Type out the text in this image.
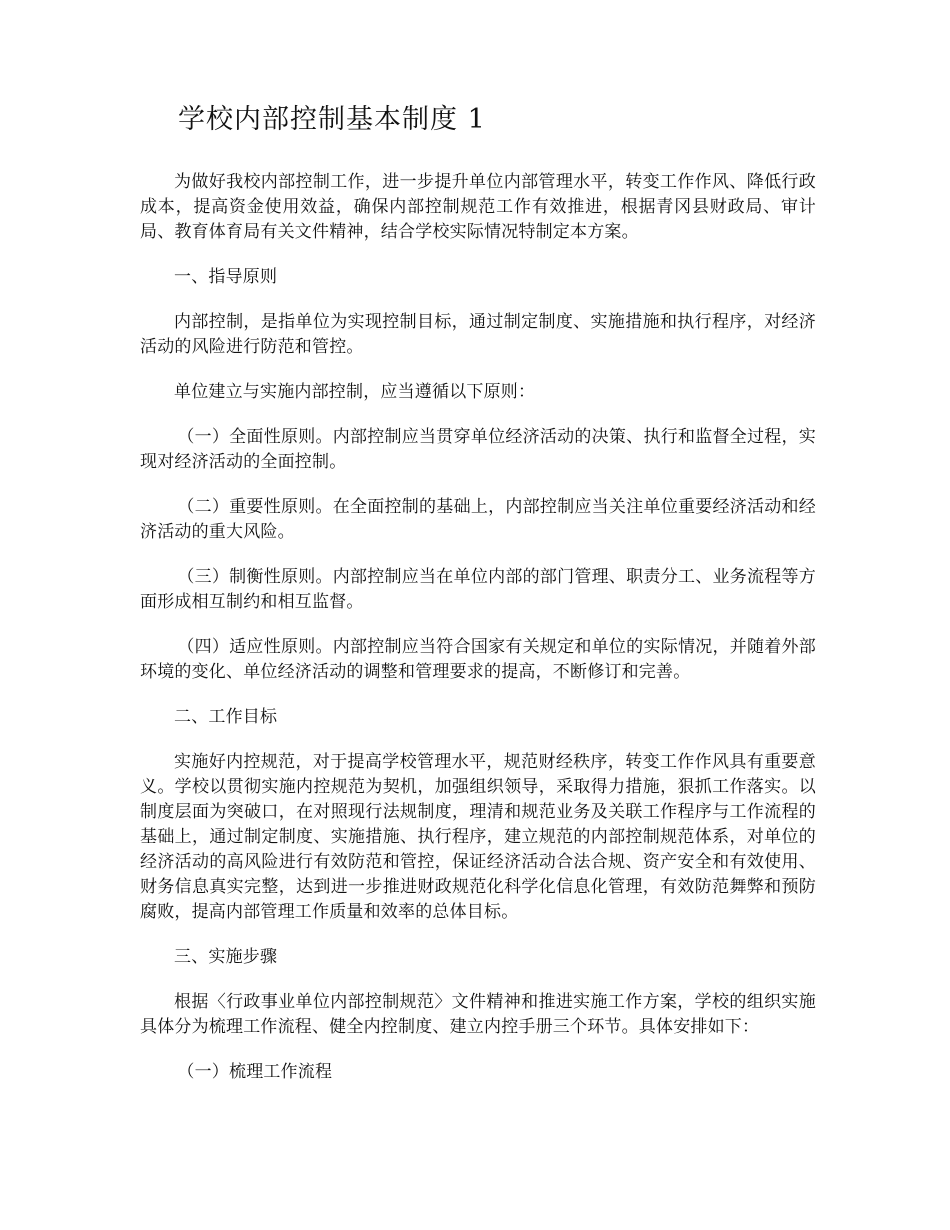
学校内部控制基本制度 1

为做好我校内部控制工作，进一步提升单位内部管理水平，转变工作作风、降低行政成本，提高资金使用效益，确保内部控制规范工作有效推进，根据青冈县财政局、审计局、教育体育局有关文件精神，结合学校实际情况特制定本方案。

一、指导原则

内部控制，是指单位为实现控制目标，通过制定制度、实施措施和执行程序，对经济活动的风险进行防范和管控。

单位建立与实施内部控制，应当遵循以下原则：

（一）全面性原则。内部控制应当贯穿单位经济活动的决策、执行和监督全过程，实现对经济活动的全面控制。

（二）重要性原则。在全面控制的基础上，内部控制应当关注单位重要经济活动和经济活动的重大风险。

（三）制衡性原则。内部控制应当在单位内部的部门管理、职责分工、业务流程等方面形成相互制约和相互监督。

（四）适应性原则。内部控制应当符合国家有关规定和单位的实际情况，并随着外部环境的变化、单位经济活动的调整和管理要求的提高，不断修订和完善。

二、工作目标

实施好内控规范，对于提高学校管理水平，规范财经秩序，转变工作作风具有重要意义。学校以贯彻实施内控规范为契机，加强组织领导，采取得力措施，狠抓工作落实。以制度层面为突破口，在对照现行法规制度，理清和规范业务及关联工作程序与工作流程的基础上，通过制定制度、实施措施、执行程序，建立规范的内部控制规范体系，对单位的经济活动的高风险进行有效防范和管控，保证经济活动合法合规、资产安全和有效使用、财务信息真实完整，达到进一步推进财政规范化科学化信息化管理，有效防范舞弊和预防腐败，提高内部管理工作质量和效率的总体目标。

三、实施步骤

根据〈行政事业单位内部控制规范〉文件精神和推进实施工作方案，学校的组织实施具体分为梳理工作流程、健全内控制度、建立内控手册三个环节。具体安排如下：

（一）梳理工作流程
